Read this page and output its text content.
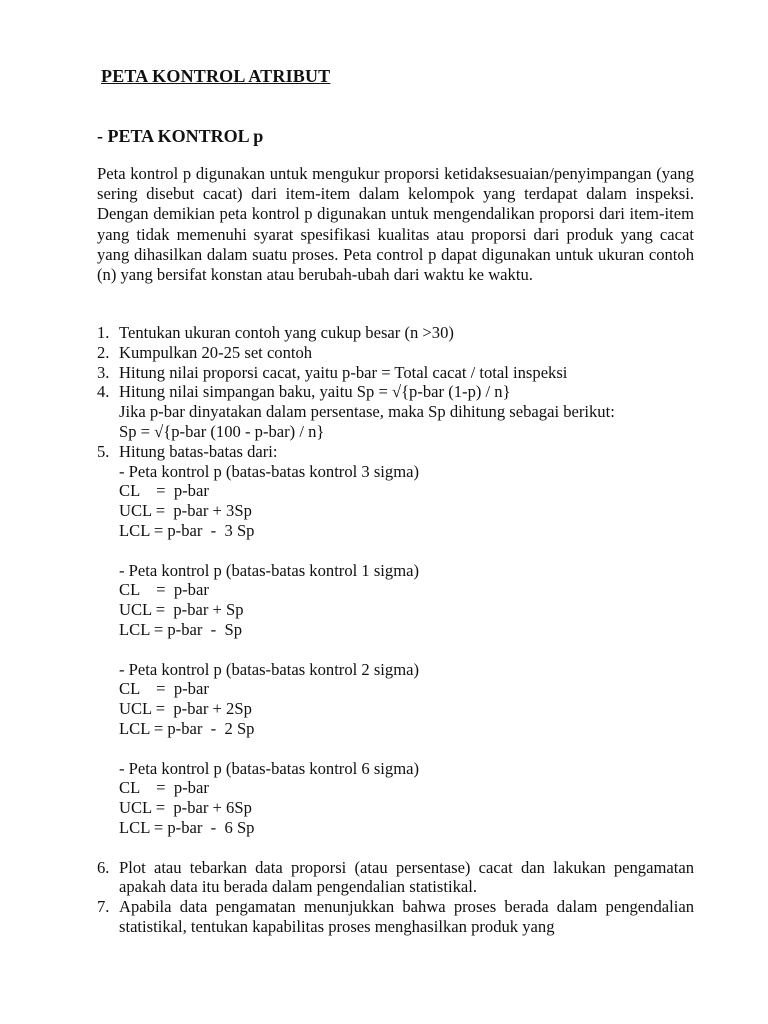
PETA KONTROL ATRIBUT
- PETA KONTROL p
Peta kontrol p digunakan untuk mengukur proporsi ketidaksesuaian/penyimpangan (yang sering disebut cacat) dari item-item dalam kelompok yang terdapat dalam inspeksi. Dengan demikian peta kontrol p digunakan untuk mengendalikan proporsi dari item-item yang tidak memenuhi syarat spesifikasi kualitas atau proporsi dari produk yang cacat yang dihasilkan dalam suatu proses. Peta control p dapat digunakan untuk ukuran contoh (n) yang bersifat konstan atau berubah-ubah dari waktu ke waktu.
1. Tentukan ukuran contoh yang cukup besar (n >30)
2. Kumpulkan 20-25 set contoh
3. Hitung nilai proporsi cacat, yaitu p-bar = Total cacat / total inspeksi
4. Hitung nilai simpangan baku, yaitu Sp = √{p-bar (1-p) / n}
Jika p-bar dinyatakan dalam persentase, maka Sp dihitung sebagai berikut:
Sp = √{p-bar (100 - p-bar) / n}
5. Hitung batas-batas dari:
- Peta kontrol p (batas-batas kontrol 3 sigma)
CL    =  p-bar
UCL =  p-bar + 3Sp
LCL = p-bar  -  3 Sp
- Peta kontrol p (batas-batas kontrol 1 sigma)
CL    =  p-bar
UCL =  p-bar + Sp
LCL = p-bar  -  Sp
- Peta kontrol p (batas-batas kontrol 2 sigma)
CL    =  p-bar
UCL =  p-bar + 2Sp
LCL = p-bar  -  2 Sp
- Peta kontrol p (batas-batas kontrol 6 sigma)
CL    =  p-bar
UCL =  p-bar + 6Sp
LCL = p-bar  -  6 Sp
6. Plot atau tebarkan data proporsi (atau persentase) cacat dan lakukan pengamatan apakah data itu berada dalam pengendalian statistikal.
7. Apabila data pengamatan menunjukkan bahwa proses berada dalam pengendalian statistikal, tentukan kapabilitas proses menghasilkan produk yang
